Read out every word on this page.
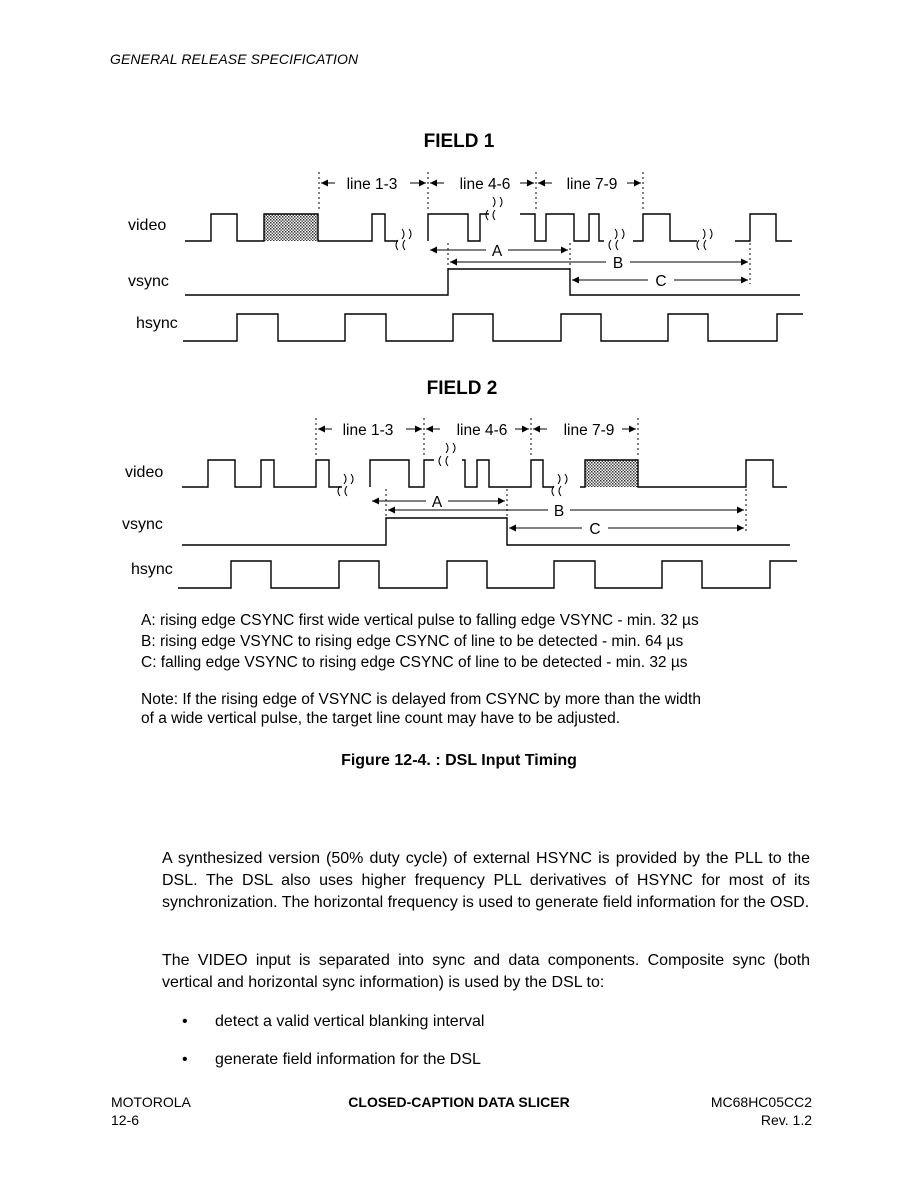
GENERAL RELEASE SPECIFICATION
FIELD 1
line 1-3	line 4-6	line 7-9
video
vsync
hsync
A
B
C
FIELD 2
line 1-3	line 4-6	line 7-9
video
vsync
hsync
A
B
C
A: rising edge CSYNC first wide vertical pulse to falling edge VSYNC - min. 32 µs
B: rising edge VSYNC to rising edge CSYNC of line to be detected - min. 64 µs
C: falling edge VSYNC to rising edge CSYNC of line to be detected - min. 32 µs
Note: If the rising edge of VSYNC is delayed from CSYNC by more than the width
of a wide vertical pulse, the target line count may have to be adjusted.
Figure 12-4. : DSL Input Timing
A synthesized version (50% duty cycle) of external HSYNC is provided by the PLL to the DSL. The DSL also uses higher frequency PLL derivatives of HSYNC for most of its synchronization. The horizontal frequency is used to generate field information for the OSD.
The VIDEO input is separated into sync and data components. Composite sync (both vertical and horizontal sync information) is used by the DSL to:
• detect a valid vertical blanking interval
• generate field information for the DSL
MOTOROLA
12-6
CLOSED-CAPTION DATA SLICER	MC68HC05CC2
Rev. 1.2
